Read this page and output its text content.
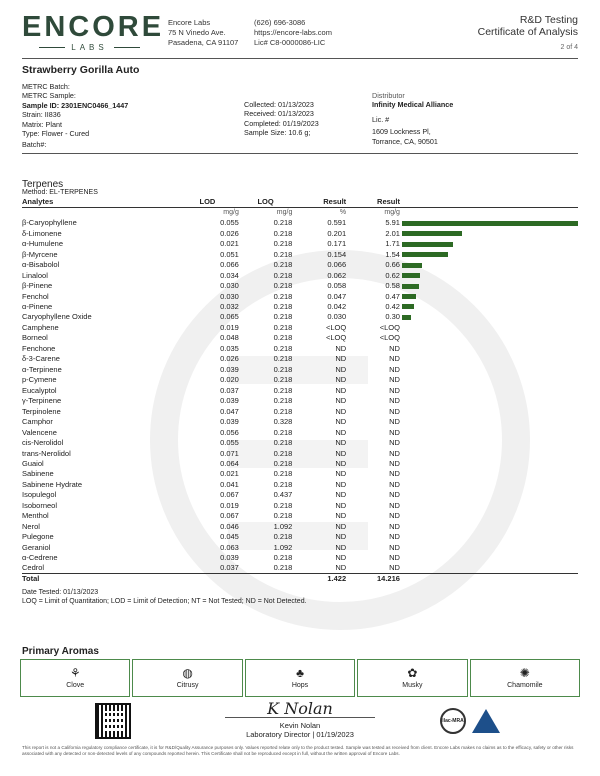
ENCORE
LABS
Encore Labs
75 N Vinedo Ave.
Pasadena, CA 91107
(626) 696-3086
https://encore-labs.com
Lic# C8-0000086-LIC
R&D Testing
Certificate of Analysis
2 of 4
Strawberry Gorilla Auto
METRC Batch:
METRC Sample:
Sample ID: 2301ENC0466_1447
Strain: II836
Matrix: Plant
Type: Flower - Cured
Batch#:
Collected: 01/13/2023
Received: 01/13/2023
Completed: 01/19/2023
Sample Size: 10.6 g;
Distributor
Infinity Medical Alliance
Lic. #
1609 Lockness Pl,
Torrance, CA, 90501
Terpenes
Method: EL-TERPENES
Analytes	LOD	LOQ	Result	Result	
	mg/g	mg/g	%	mg/g	
β-Caryophyllene	0.055	0.218	0.591	5.91	

δ-Limonene	0.026	0.218	0.201	2.01	

α-Humulene	0.021	0.218	0.171	1.71	

β-Myrcene	0.051	0.218	0.154	1.54	

α-Bisabolol	0.066	0.218	0.066	0.66	

Linalool	0.034	0.218	0.062	0.62	

β-Pinene	0.030	0.218	0.058	0.58	

Fenchol	0.030	0.218	0.047	0.47	

α-Pinene	0.032	0.218	0.042	0.42	

Caryophyllene Oxide	0.065	0.218	0.030	0.30	

Camphene	0.019	0.218	<LOQ	<LOQ	
Borneol	0.048	0.218	<LOQ	<LOQ	
Fenchone	0.035	0.218	ND	ND	
δ-3-Carene	0.026	0.218	ND	ND	
α-Terpinene	0.039	0.218	ND	ND	
p-Cymene	0.020	0.218	ND	ND	
Eucalyptol	0.037	0.218	ND	ND	
γ-Terpinene	0.039	0.218	ND	ND	
Terpinolene	0.047	0.218	ND	ND	
Camphor	0.039	0.328	ND	ND	
Valencene	0.056	0.218	ND	ND	
cis-Nerolidol	0.055	0.218	ND	ND	
trans-Nerolidol	0.071	0.218	ND	ND	
Guaiol	0.064	0.218	ND	ND	
Sabinene	0.021	0.218	ND	ND	
Sabinene Hydrate	0.041	0.218	ND	ND	
Isopulegol	0.067	0.437	ND	ND	
Isoborneol	0.019	0.218	ND	ND	
Menthol	0.067	0.218	ND	ND	
Nerol	0.046	1.092	ND	ND	
Pulegone	0.045	0.218	ND	ND	
Geraniol	0.063	1.092	ND	ND	
α-Cedrene	0.039	0.218	ND	ND	
Cedrol	0.037	0.218	ND	ND	
Total			1.422	14.216	
Date Tested: 01/13/2023
LOQ = Limit of Quantitation; LOD = Limit of Detection; NT = Not Tested; ND = Not Detected.
Primary Aromas
⚘
Clove
◍
Citrusy
♣
Hops
✿
Musky
✺
Chamomile
K Nolan
Kevin Nolan
Laboratory Director | 01/19/2023
ilac-MRA
This report is not a California regulatory compliance certificate, it is for R&D/Quality Assurance purposes only. Values reported relate only to the product tested. Sample was tested as received from client. Encore Labs makes no claims as to the efficacy, safety or other risks associated with any detected or non-detected levels of any compounds reported herein. This Certificate shall not be reproduced except in full, without the written approval of Encore Labs.
